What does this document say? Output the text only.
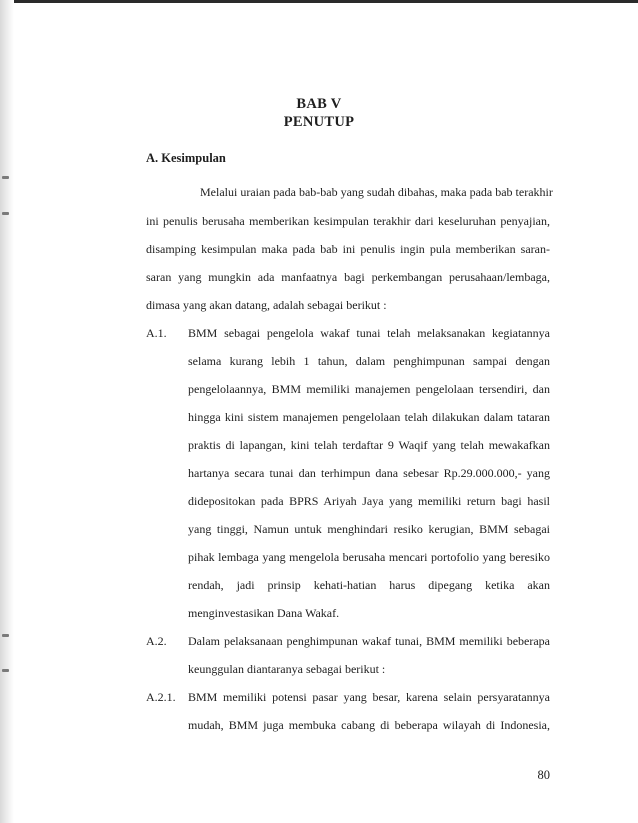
BAB V
PENUTUP
A. Kesimpulan
Melalui uraian pada bab-bab yang sudah dibahas, maka pada bab terakhir
ini penulis berusaha memberikan kesimpulan terakhir dari keseluruhan penyajian,
disamping kesimpulan maka pada bab ini penulis ingin pula memberikan saran-
saran yang mungkin ada manfaatnya bagi perkembangan perusahaan/lembaga,
dimasa yang akan datang, adalah sebagai berikut :
A.1. BMM sebagai pengelola wakaf tunai telah melaksanakan kegiatannya
selama kurang lebih 1 tahun, dalam penghimpunan sampai dengan
pengelolaannya, BMM memiliki manajemen pengelolaan tersendiri, dan
hingga kini sistem manajemen pengelolaan telah dilakukan dalam tataran
praktis di lapangan, kini telah terdaftar 9 Waqif yang telah mewakafkan
hartanya secara tunai dan terhimpun dana sebesar Rp.29.000.000,- yang
didepositokan pada BPRS Ariyah Jaya yang memiliki return bagi hasil
yang tinggi, Namun untuk menghindari resiko kerugian, BMM sebagai
pihak lembaga yang mengelola berusaha mencari portofolio yang beresiko
rendah, jadi prinsip kehati-hatian harus dipegang ketika akan
menginvestasikan Dana Wakaf.
A.2. Dalam pelaksanaan penghimpunan wakaf tunai, BMM memiliki beberapa
keunggulan diantaranya sebagai berikut :
A.2.1. BMM memiliki potensi pasar yang besar, karena selain persyaratannya
mudah, BMM juga membuka cabang di beberapa wilayah di Indonesia,
80
